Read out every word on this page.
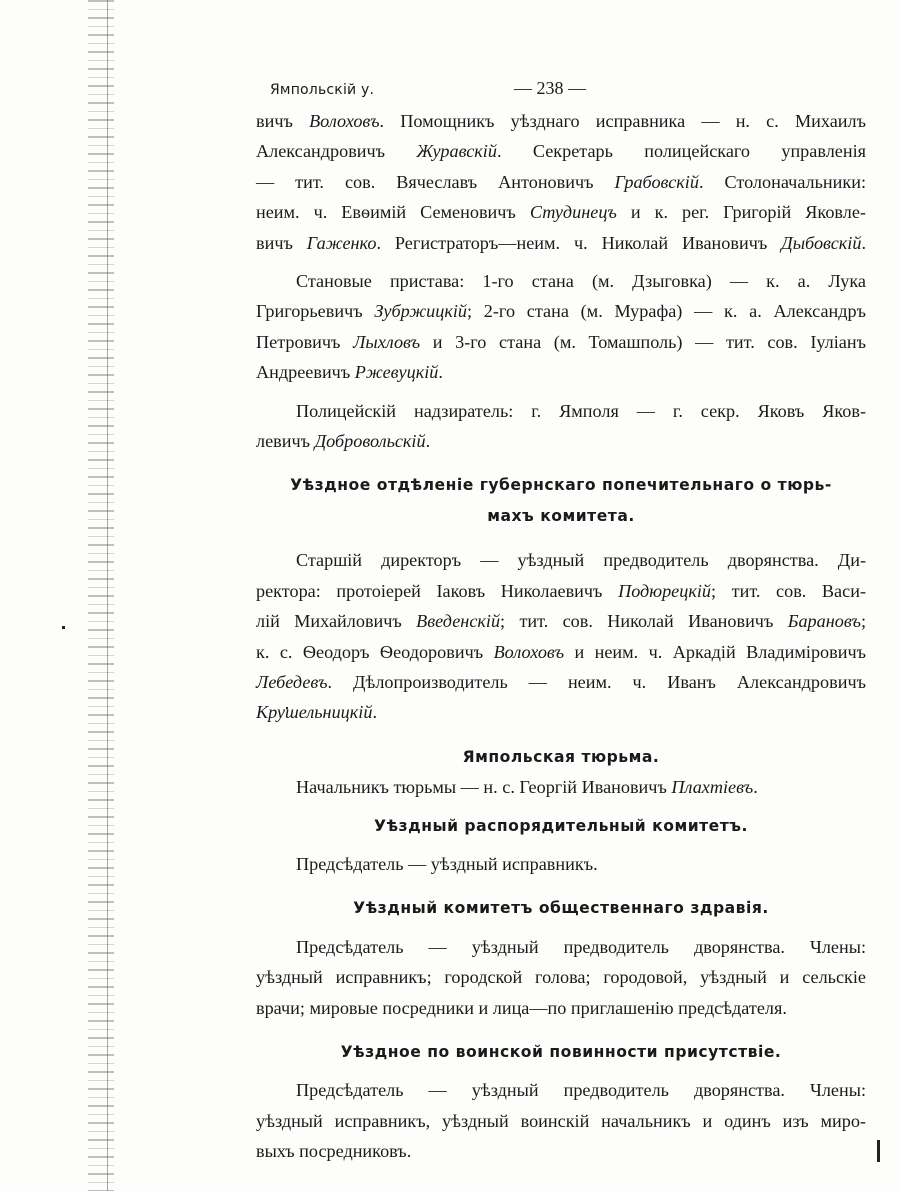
Ямпольскій у.	— 238 —
вичъ Волоховъ. Помощникъ уѣзднаго исправника — н. с. Михаилъ
Александровичъ Журавскій. Секретарь полицейскаго управленія
— тит. сов. Вячеславъ Антоновичъ Грабовскій. Столоначальники:
неим. ч. Евѳимій Семеновичъ Студинецъ и к. рег. Григорій Яковле-
вичъ Гаженко. Регистраторъ—неим. ч. Николай Ивановичъ Дыбовскій.
Становые пристава: 1-го стана (м. Дзыговка) — к. а. Лука
Григорьевичъ Зубржицкій; 2-го стана (м. Мурафа) — к. а. Александръ
Петровичъ Лыхловъ и 3-го стана (м. Томашполь) — тит. сов. Іуліанъ
Андреевичъ Ржевуцкій.
Полицейскій надзиратель: г. Ямполя — г. секр. Яковъ Яков-
левичъ Добровольскій.
Уѣздное отдѣленіе губернскаго попечительнаго о тюрь-
махъ комитета.
Старшій директоръ — уѣздный предводитель дворянства. Ди-
ректора: протоіерей Іаковъ Николаевичъ Подюрецкій; тит. сов. Васи-
лій Михайловичъ Введенскій; тит. сов. Николай Ивановичъ Барановъ;
к. с. Ѳеодоръ Ѳеодоровичъ Волоховъ и неим. ч. Аркадій Владиміровичъ
Лебедевъ. Дѣлопроизводитель — неим. ч. Иванъ Александровичъ
Крушельницкій.
Ямпольская тюрьма.
Начальникъ тюрьмы — н. с. Георгій Ивановичъ Плахтіевъ.
Уѣздный распорядительный комитетъ.
Предсѣдатель — уѣздный исправникъ.
Уѣздный комитетъ общественнаго здравія.
Предсѣдатель — уѣздный предводитель дворянства. Члены:
уѣздный исправникъ; городской голова; городовой, уѣздный и сельскіе
врачи; мировые посредники и лица—по приглашенію предсѣдателя.
Уѣздное по воинской повинности присутствіе.
Предсѣдатель — уѣздный предводитель дворянства. Члены:
уѣздный исправникъ, уѣздный воинскій начальникъ и одинъ изъ миро-
выхъ посредниковъ.
